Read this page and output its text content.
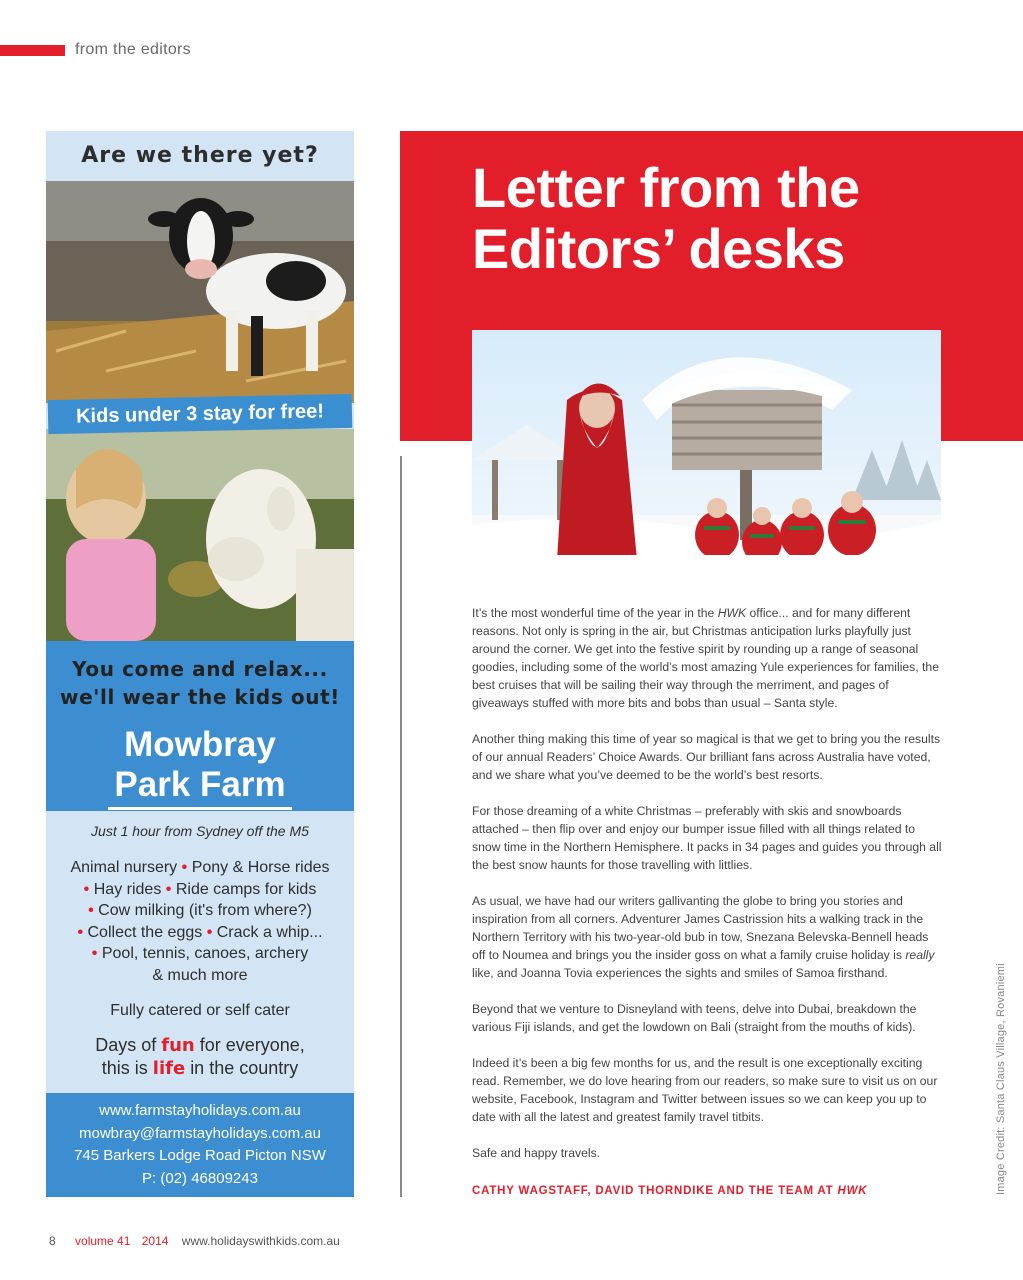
from the editors
Are we there yet?
Kids under 3 stay for free!
You come and relax...
we'll wear the kids out!
Mowbray
Park Farm
Just 1 hour from Sydney off the M5
Animal nursery • Pony & Horse rides
• Hay rides • Ride camps for kids
• Cow milking (it's from where?)
• Collect the eggs • Crack a whip...
• Pool, tennis, canoes, archery
& much more
Fully catered or self cater
Days of fun for everyone,
this is life in the country
www.farmstayholidays.com.au
mowbray@farmstayholidays.com.au
745 Barkers Lodge Road Picton NSW
P: (02) 46809243
Letter from the
Editors’ desks

It’s the most wonderful time of the year in the HWK office... and for many different reasons. Not only is spring in the air, but Christmas anticipation lurks playfully just around the corner. We get into the festive spirit by rounding up a range of seasonal goodies, including some of the world’s most amazing Yule experiences for families, the best cruises that will be sailing their way through the merriment, and pages of giveaways stuffed with more bits and bobs than usual – Santa style.

Another thing making this time of year so magical is that we get to bring you the results of our annual Readers’ Choice Awards. Our brilliant fans across Australia have voted, and we share what you’ve deemed to be the world’s best resorts.

For those dreaming of a white Christmas – preferably with skis and snowboards attached – then flip over and enjoy our bumper issue filled with all things related to snow time in the Northern Hemisphere. It packs in 34 pages and guides you through all the best snow haunts for those travelling with littlies.

As usual, we have had our writers gallivanting the globe to bring you stories and inspiration from all corners. Adventurer James Castrission hits a walking track in the Northern Territory with his two-year-old bub in tow, Snezana Belevska-Bennell heads off to Noumea and brings you the insider goss on what a family cruise holiday is really like, and Joanna Tovia experiences the sights and smiles of Samoa firsthand.

Beyond that we venture to Disneyland with teens, delve into Dubai, breakdown the various Fiji islands, and get the lowdown on Bali (straight from the mouths of kids).

Indeed it’s been a big few months for us, and the result is one exceptionally exciting read. Remember, we do love hearing from our readers, so make sure to visit us on our website, Facebook, Instagram and Twitter between issues so we can keep you up to date with all the latest and greatest family travel titbits.

Safe and happy travels.

CATHY WAGSTAFF, DAVID THORNDIKE AND THE TEAM AT HWK	Image Credit: Santa Claus Village, Rovaniemi
8 volume 41 2014 www.holidayswithkids.com.au
